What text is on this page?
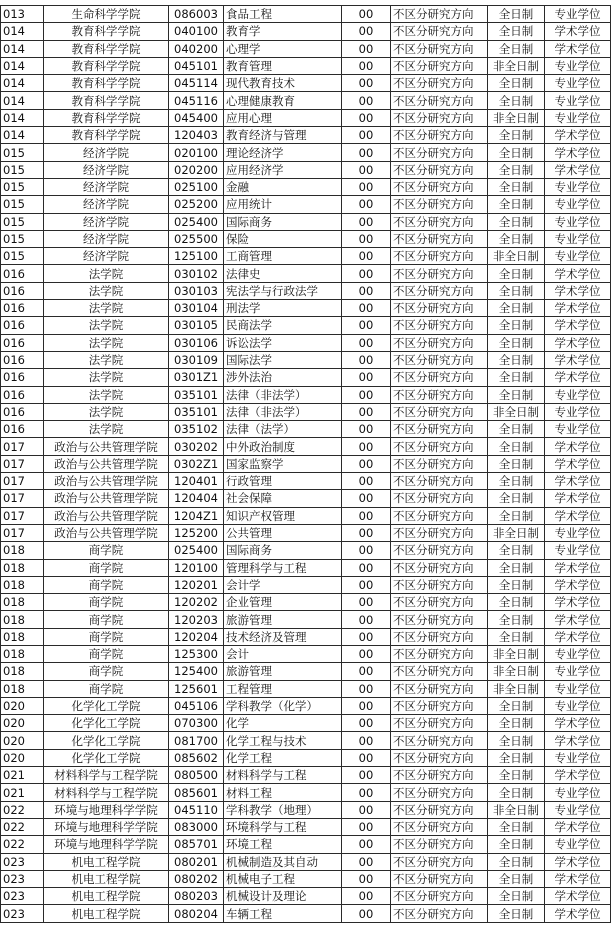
013	生命科学学院	086003	食品工程	00	不区分研究方向	全日制	专业学位
014	教育科学学院	040100	教育学	00	不区分研究方向	全日制	学术学位
014	教育科学学院	040200	心理学	00	不区分研究方向	全日制	学术学位
014	教育科学学院	045101	教育管理	00	不区分研究方向	非全日制	专业学位
014	教育科学学院	045114	现代教育技术	00	不区分研究方向	全日制	专业学位
014	教育科学学院	045116	心理健康教育	00	不区分研究方向	全日制	专业学位
014	教育科学学院	045400	应用心理	00	不区分研究方向	非全日制	专业学位
014	教育科学学院	120403	教育经济与管理	00	不区分研究方向	全日制	学术学位
015	经济学院	020100	理论经济学	00	不区分研究方向	全日制	学术学位
015	经济学院	020200	应用经济学	00	不区分研究方向	全日制	学术学位
015	经济学院	025100	金融	00	不区分研究方向	全日制	专业学位
015	经济学院	025200	应用统计	00	不区分研究方向	全日制	专业学位
015	经济学院	025400	国际商务	00	不区分研究方向	全日制	专业学位
015	经济学院	025500	保险	00	不区分研究方向	全日制	专业学位
015	经济学院	125100	工商管理	00	不区分研究方向	非全日制	专业学位
016	法学院	030102	法律史	00	不区分研究方向	全日制	学术学位
016	法学院	030103	宪法学与行政法学	00	不区分研究方向	全日制	学术学位
016	法学院	030104	刑法学	00	不区分研究方向	全日制	学术学位
016	法学院	030105	民商法学	00	不区分研究方向	全日制	学术学位
016	法学院	030106	诉讼法学	00	不区分研究方向	全日制	学术学位
016	法学院	030109	国际法学	00	不区分研究方向	全日制	学术学位
016	法学院	0301Z1	涉外法治	00	不区分研究方向	全日制	学术学位
016	法学院	035101	法律（非法学）	00	不区分研究方向	全日制	专业学位
016	法学院	035101	法律（非法学）	00	不区分研究方向	非全日制	专业学位
016	法学院	035102	法律（法学）	00	不区分研究方向	全日制	专业学位
017	政治与公共管理学院	030202	中外政治制度	00	不区分研究方向	全日制	学术学位
017	政治与公共管理学院	0302Z1	国家监察学	00	不区分研究方向	全日制	学术学位
017	政治与公共管理学院	120401	行政管理	00	不区分研究方向	全日制	学术学位
017	政治与公共管理学院	120404	社会保障	00	不区分研究方向	全日制	学术学位
017	政治与公共管理学院	1204Z1	知识产权管理	00	不区分研究方向	全日制	学术学位
017	政治与公共管理学院	125200	公共管理	00	不区分研究方向	非全日制	专业学位
018	商学院	025400	国际商务	00	不区分研究方向	全日制	专业学位
018	商学院	120100	管理科学与工程	00	不区分研究方向	全日制	学术学位
018	商学院	120201	会计学	00	不区分研究方向	全日制	学术学位
018	商学院	120202	企业管理	00	不区分研究方向	全日制	学术学位
018	商学院	120203	旅游管理	00	不区分研究方向	全日制	学术学位
018	商学院	120204	技术经济及管理	00	不区分研究方向	全日制	学术学位
018	商学院	125300	会计	00	不区分研究方向	非全日制	专业学位
018	商学院	125400	旅游管理	00	不区分研究方向	非全日制	专业学位
018	商学院	125601	工程管理	00	不区分研究方向	非全日制	专业学位
020	化学化工学院	045106	学科教学（化学）	00	不区分研究方向	全日制	专业学位
020	化学化工学院	070300	化学	00	不区分研究方向	全日制	学术学位
020	化学化工学院	081700	化学工程与技术	00	不区分研究方向	全日制	学术学位
020	化学化工学院	085602	化学工程	00	不区分研究方向	全日制	专业学位
021	材料科学与工程学院	080500	材料科学与工程	00	不区分研究方向	全日制	学术学位
021	材料科学与工程学院	085601	材料工程	00	不区分研究方向	全日制	专业学位
022	环境与地理科学学院	045110	学科教学（地理）	00	不区分研究方向	非全日制	专业学位
022	环境与地理科学学院	083000	环境科学与工程	00	不区分研究方向	全日制	学术学位
022	环境与地理科学学院	085701	环境工程	00	不区分研究方向	全日制	专业学位
023	机电工程学院	080201	机械制造及其自动	00	不区分研究方向	全日制	学术学位
023	机电工程学院	080202	机械电子工程	00	不区分研究方向	全日制	学术学位
023	机电工程学院	080203	机械设计及理论	00	不区分研究方向	全日制	学术学位
023	机电工程学院	080204	车辆工程	00	不区分研究方向	全日制	学术学位
